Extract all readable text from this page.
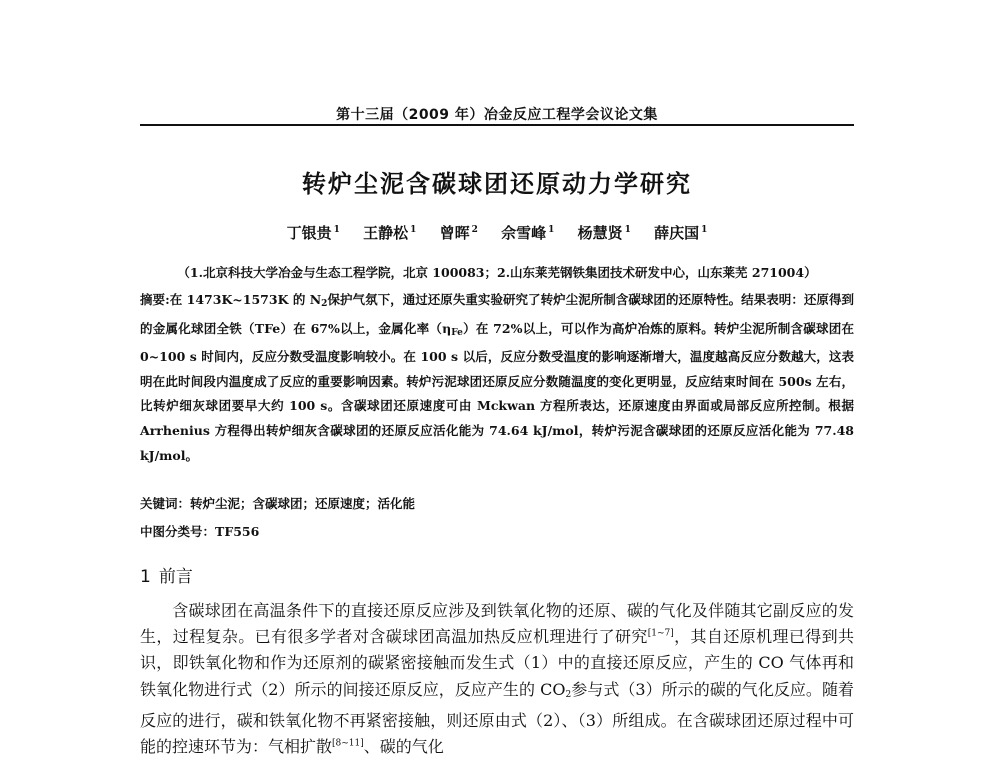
第十三届（2009 年）冶金反应工程学会议论文集
转炉尘泥含碳球团还原动力学研究
丁银贵 $^1$ 王静松 $^1$ 曾晖 $^2$ 佘雪峰 $^1$ 杨慧贤 $^1$ 薛庆国 $^1$
（1.北京科技大学冶金与生态工程学院，北京 100083；2.山东莱芜钢铁集团技术研发中心，山东莱芜 271004）
摘要:在 1473K~1573K 的 N2保护气氛下，通过还原失重实验研究了转炉尘泥所制含碳球团的还原特性。结果表明：还原得到的金属化球团全铁（TFe）在 67%以上，金属化率（ηFe）在 72%以上，可以作为高炉冶炼的原料。转炉尘泥所制含碳球团在 0~100 s 时间内，反应分数受温度影响较小。在 100 s 以后，反应分数受温度的影响逐渐增大，温度越高反应分数越大，这表明在此时间段内温度成了反应的重要影响因素。转炉污泥球团还原反应分数随温度的变化更明显，反应结束时间在 500s 左右，比转炉细灰球团要早大约 100 s。含碳球团还原速度可由 Mckwan 方程所表达，还原速度由界面或局部反应所控制。根据 Arrhenius 方程得出转炉细灰含碳球团的还原反应活化能为 74.64 kJ/mol，转炉污泥含碳球团的还原反应活化能为 77.48 kJ/mol。
关键词：转炉尘泥；含碳球团；还原速度；活化能
中图分类号：TF556
1 前言
含碳球团在高温条件下的直接还原反应涉及到铁氧化物的还原、碳的气化及伴随其它副反应的发生，过程复杂。已有很多学者对含碳球团高温加热反应机理进行了研究[1~7]，其自还原机理已得到共识，即铁氧化物和作为还原剂的碳紧密接触而发生式（1）中的直接还原反应，产生的 CO 气体再和铁氧化物进行式（2）所示的间接还原反应，反应产生的 CO2参与式（3）所示的碳的气化反应。随着反应的进行，碳和铁氧化物不再紧密接触，则还原由式（2）、（3）所组成。在含碳球团还原过程中可能的控速环节为：气相扩散[8~11]、碳的气化
